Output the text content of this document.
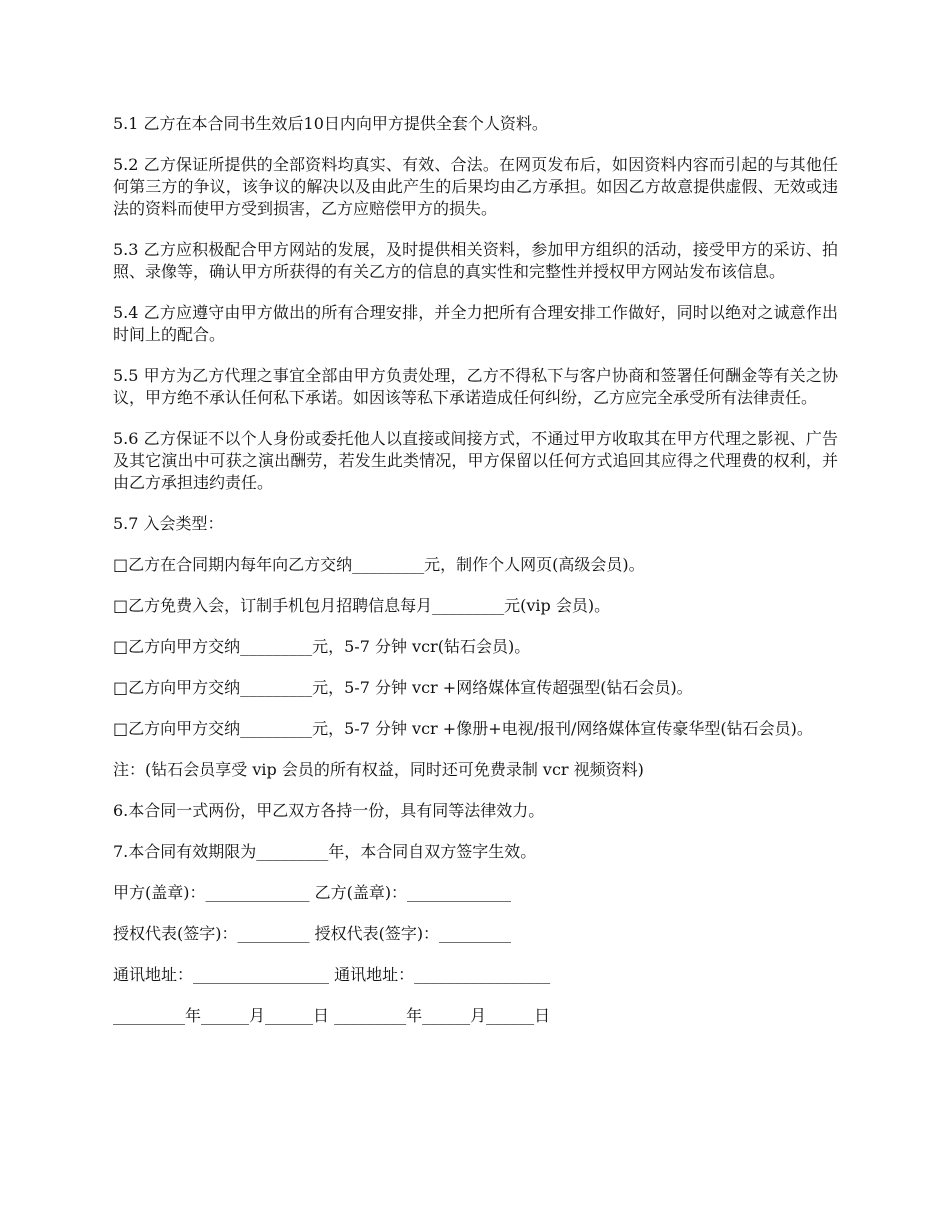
5.1 乙方在本合同书生效后10日内向甲方提供全套个人资料。

5.2 乙方保证所提供的全部资料均真实、有效、合法。在网页发布后，如因资料内容而引起的与其他任何第三方的争议，该争议的解决以及由此产生的后果均由乙方承担。如因乙方故意提供虚假、无效或违法的资料而使甲方受到损害，乙方应赔偿甲方的损失。

5.3 乙方应积极配合甲方网站的发展，及时提供相关资料，参加甲方组织的活动，接受甲方的采访、拍照、录像等，确认甲方所获得的有关乙方的信息的真实性和完整性并授权甲方网站发布该信息。

5.4 乙方应遵守由甲方做出的所有合理安排，并全力把所有合理安排工作做好，同时以绝对之诚意作出时间上的配合。

5.5 甲方为乙方代理之事宜全部由甲方负责处理，乙方不得私下与客户协商和签署任何酬金等有关之协议，甲方绝不承认任何私下承诺。如因该等私下承诺造成任何纠纷，乙方应完全承受所有法律责任。

5.6 乙方保证不以个人身份或委托他人以直接或间接方式，不通过甲方收取其在甲方代理之影视、广告及其它演出中可获之演出酬劳，若发生此类情况，甲方保留以任何方式追回其应得之代理费的权利，并由乙方承担违约责任。

5.7 入会类型：

□乙方在合同期内每年向乙方交纳_________元，制作个人网页(高级会员)。

□乙方免费入会，订制手机包月招聘信息每月_________元(vip 会员)。

□乙方向甲方交纳_________元，5-7 分钟 vcr(钻石会员)。

□乙方向甲方交纳_________元，5-7 分钟 vcr +网络媒体宣传超强型(钻石会员)。

□乙方向甲方交纳_________元，5-7 分钟 vcr +像册+电视/报刊/网络媒体宣传豪华型(钻石会员)。

注：(钻石会员享受 vip 会员的所有权益，同时还可免费录制 vcr 视频资料)

6.本合同一式两份，甲乙双方各持一份，具有同等法律效力。

7.本合同有效期限为_________年，本合同自双方签字生效。

甲方(盖章)：_____________ 乙方(盖章)：_____________

授权代表(签字)：_________ 授权代表(签字)：_________

通讯地址：_________________ 通讯地址：_________________

_________年______月______日 _________年______月______日
